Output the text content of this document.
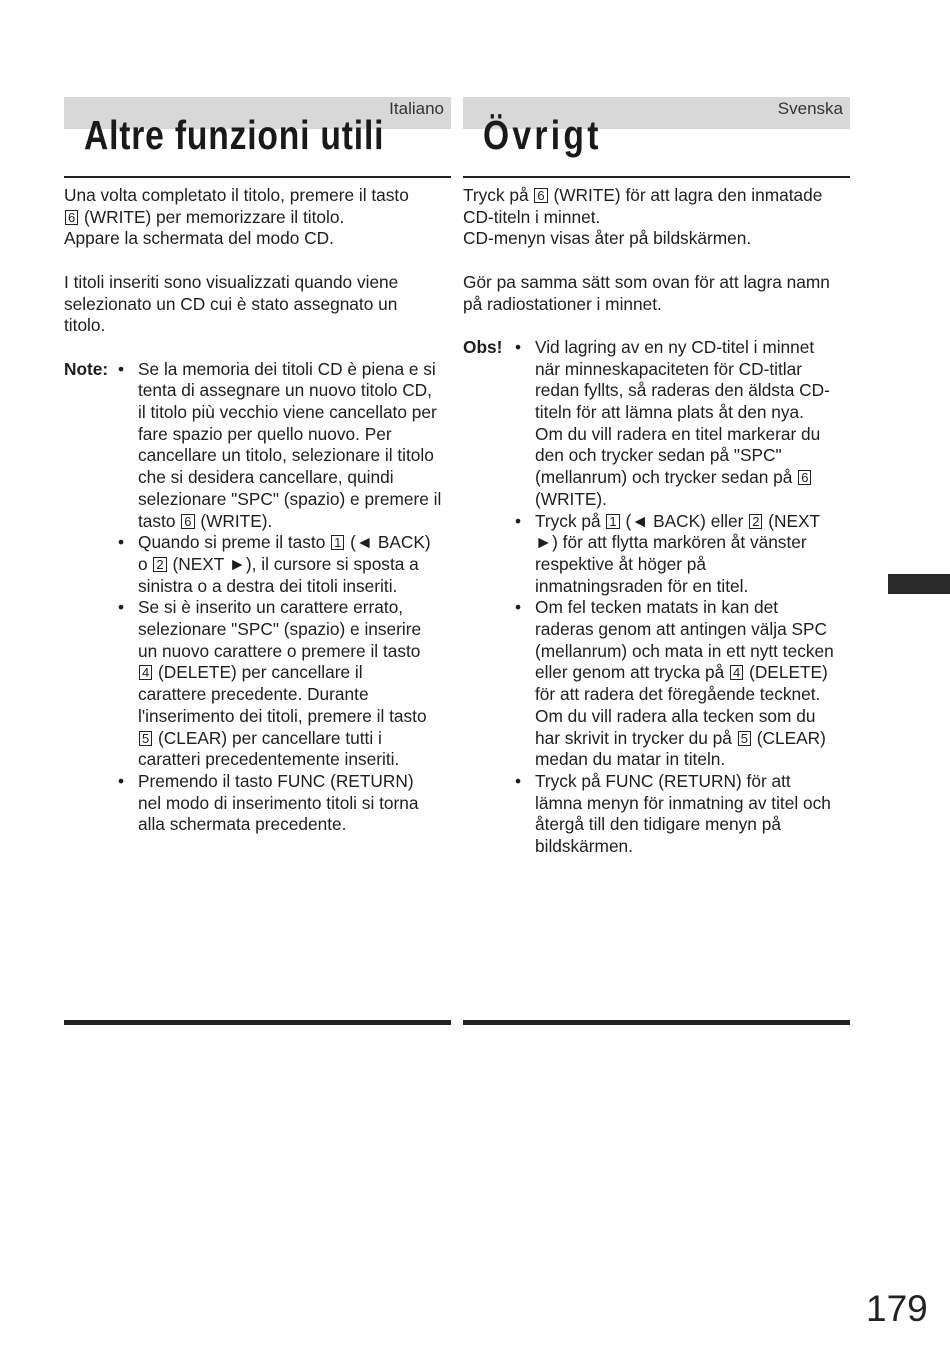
Italiano
Altre funzioni utili

Una volta completato il titolo, premere il tasto

6 (WRITE) per memorizzare il titolo.

Appare la schermata del modo CD.

I titoli inseriti sono visualizzati quando viene

selezionato un CD cui è stato assegnato un

titolo.

Note:	• Se la memoria dei titoli CD è piena e si

tenta di assegnare un nuovo titolo CD,

il titolo più vecchio viene cancellato per

fare spazio per quello nuovo. Per

cancellare un titolo, selezionare il titolo

che si desidera cancellare, quindi

selezionare "SPC" (spazio) e premere il

tasto 6 (WRITE).

• Quando si preme il tasto 1 (◄ BACK)

o 2 (NEXT ►), il cursore si sposta a

sinistra o a destra dei titoli inseriti.

• Se si è inserito un carattere errato,

selezionare "SPC" (spazio) e inserire

un nuovo carattere o premere il tasto

4 (DELETE) per cancellare il

carattere precedente. Durante

l'inserimento dei titoli, premere il tasto

5 (CLEAR) per cancellare tutti i

caratteri precedentemente inseriti.

• Premendo il tasto FUNC (RETURN)

nel modo di inserimento titoli si torna

alla schermata precedente.

Svenska
Övrigt

Tryck på 6 (WRITE) för att lagra den inmatade

CD-titeln i minnet.

CD-menyn visas åter på bildskärmen.

Gör pa samma sätt som ovan för att lagra namn

på radiostationer i minnet.

Obs!	• Vid lagring av en ny CD-titel i minnet

när minneskapaciteten för CD-titlar

redan fyllts, så raderas den äldsta CD-

titeln för att lämna plats åt den nya.

Om du vill radera en titel markerar du

den och trycker sedan på "SPC"

(mellanrum) och trycker sedan på 6

(WRITE).

• Tryck på 1 (◄ BACK) eller 2 (NEXT

►) för att flytta markören åt vänster

respektive åt höger på

inmatningsraden för en titel.

• Om fel tecken matats in kan det

raderas genom att antingen välja SPC

(mellanrum) och mata in ett nytt tecken

eller genom att trycka på 4 (DELETE)

för att radera det föregående tecknet.

Om du vill radera alla tecken som du

har skrivit in trycker du på 5 (CLEAR)

medan du matar in titeln.

• Tryck på FUNC (RETURN) för att

lämna menyn för inmatning av titel och

återgå till den tidigare menyn på

bildskärmen.

179
